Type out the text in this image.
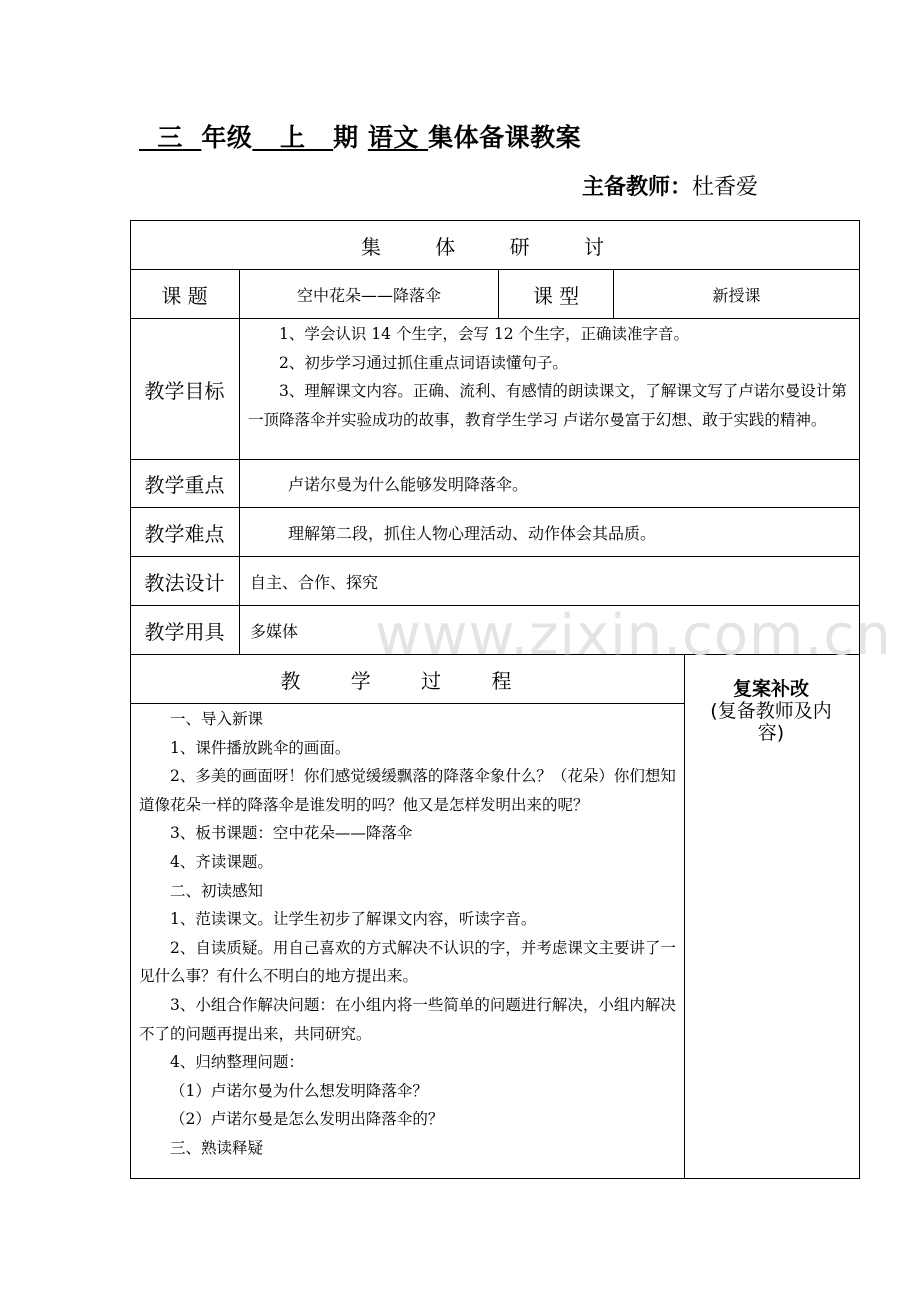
三 年级 上 期 语文 集体备课教案
主备教师：杜香爱
www.zixin.com.cn
集 体 研 讨
课 题	空中花朵——降落伞	课 型	新授课
教学目标
1、学会认识 14 个生字，会写 12 个生字，正确读准字音。
2、初步学习通过抓住重点词语读懂句子。
3、理解课文内容。正确、流利、有感情的朗读课文，了解课文写了卢诺尔曼设计第一顶降落伞并实验成功的故事，教育学生学习 卢诺尔曼富于幻想、敢于实践的精神。
教学重点	卢诺尔曼为什么能够发明降落伞。
教学难点	理解第二段，抓住人物心理活动、动作体会其品质。
教法设计	自主、合作、探究
教学用具	多媒体
教 学 过 程	复案补改
(复备教师及内容)
一、导入新课
1、课件播放跳伞的画面。
2、多美的画面呀！你们感觉缓缓飘落的降落伞象什么？（花朵）你们想知道像花朵一样的降落伞是谁发明的吗？他又是怎样发明出来的呢？
3、板书课题：空中花朵——降落伞
4、齐读课题。
二、初读感知
1、范读课文。让学生初步了解课文内容，听读字音。
2、自读质疑。用自己喜欢的方式解决不认识的字，并考虑课文主要讲了一见什么事？有什么不明白的地方提出来。
3、小组合作解决问题：在小组内将一些简单的问题进行解决，小组内解决不了的问题再提出来，共同研究。
4、归纳整理问题：
（1）卢诺尔曼为什么想发明降落伞？
（2）卢诺尔曼是怎么发明出降落伞的？
三、熟读释疑
